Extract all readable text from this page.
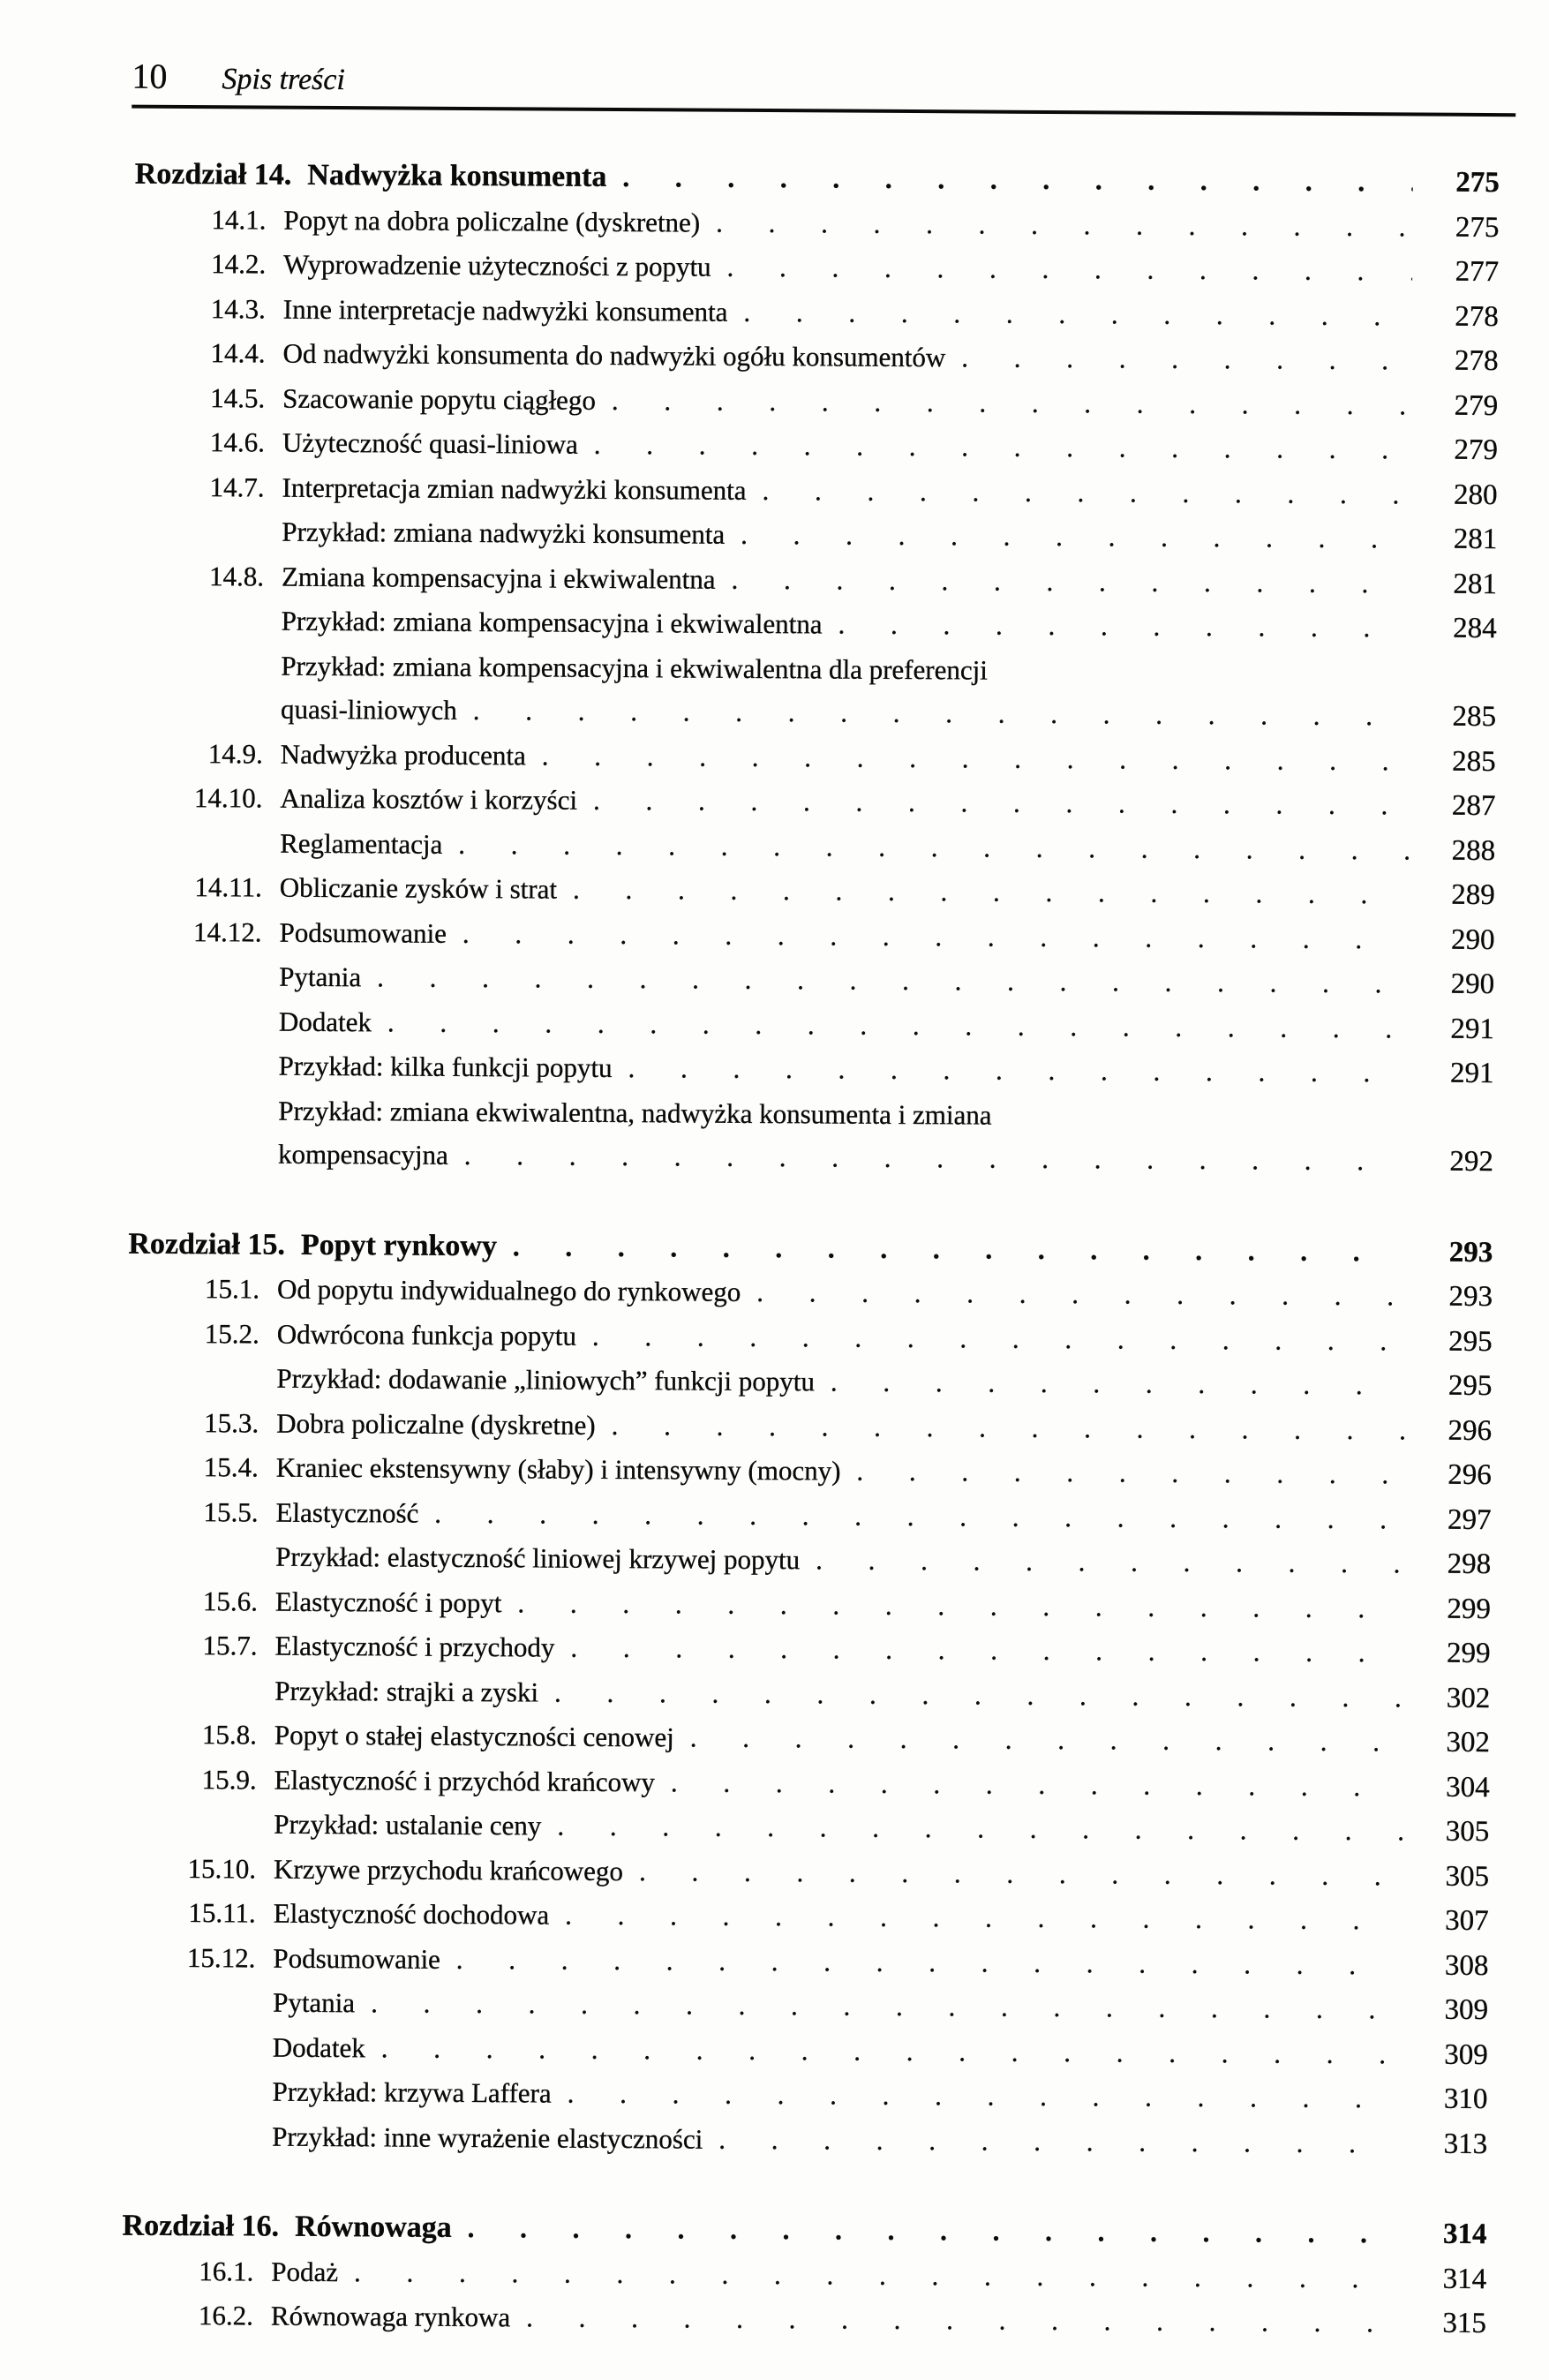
10 Spis treści
Rozdział 14. Nadwyżka konsumenta . . .	275
14.1. Popyt na dobra policzalne (dyskretne) . . .	275
14.2. Wyprowadzenie użyteczności z popytu . . .	277
14.3. Inne interpretacje nadwyżki konsumenta . . .	278
14.4. Od nadwyżki konsumenta do nadwyżki ogółu konsumentów . . .	278
14.5. Szacowanie popytu ciągłego . . .	279
14.6. Użyteczność quasi-liniowa . . .	279
14.7. Interpretacja zmian nadwyżki konsumenta . . .	280
Przykład: zmiana nadwyżki konsumenta . . .	281
14.8. Zmiana kompensacyjna i ekwiwalentna . . .	281
Przykład: zmiana kompensacyjna i ekwiwalentna . . .	284
Przykład: zmiana kompensacyjna i ekwiwalentna dla preferencji
quasi-liniowych . . .	285
14.9. Nadwyżka producenta . . .	285
14.10. Analiza kosztów i korzyści . . .	287
Reglamentacja . . .	288
14.11. Obliczanie zysków i strat . . .	289
14.12. Podsumowanie . . .	290
Pytania . . .	290
Dodatek . . .	291
Przykład: kilka funkcji popytu . . .	291
Przykład: zmiana ekwiwalentna, nadwyżka konsumenta i zmiana
kompensacyjna . . .	292
Rozdział 15. Popyt rynkowy . . .	293
15.1. Od popytu indywidualnego do rynkowego . . .	293
15.2. Odwrócona funkcja popytu . . .	295
Przykład: dodawanie „liniowych” funkcji popytu . . .	295
15.3. Dobra policzalne (dyskretne) . . .	296
15.4. Kraniec ekstensywny (słaby) i intensywny (mocny) . . .	296
15.5. Elastyczność . . .	297
Przykład: elastyczność liniowej krzywej popytu . . .	298
15.6. Elastyczność i popyt . . .	299
15.7. Elastyczność i przychody . . .	299
Przykład: strajki a zyski . . .	302
15.8. Popyt o stałej elastyczności cenowej . . .	302
15.9. Elastyczność i przychód krańcowy . . .	304
Przykład: ustalanie ceny . . .	305
15.10. Krzywe przychodu krańcowego . . .	305
15.11. Elastyczność dochodowa . . .	307
15.12. Podsumowanie . . .	308
Pytania . . .	309
Dodatek . . .	309
Przykład: krzywa Laffera . . .	310
Przykład: inne wyrażenie elastyczności . . .	313
Rozdział 16. Równowaga . . .	314
16.1. Podaż . . .	314
16.2. Równowaga rynkowa . . .	315
